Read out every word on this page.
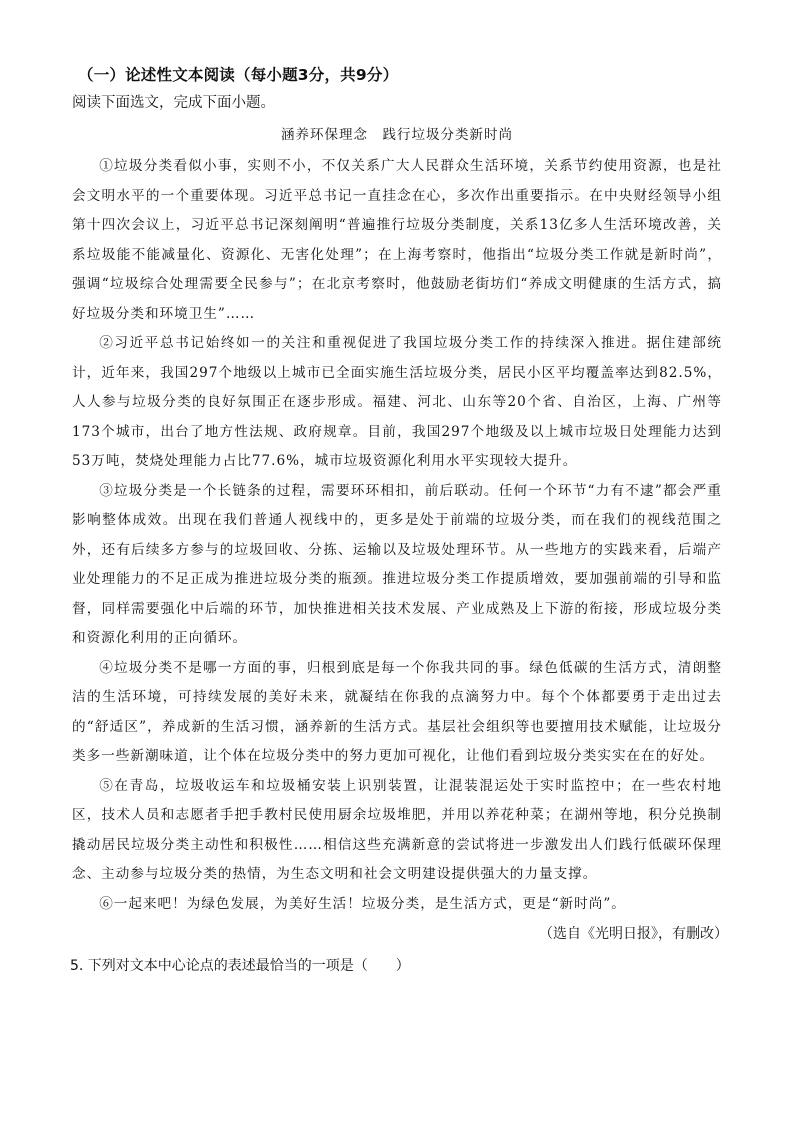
（一）论述性文本阅读（每小题3分，共9分）
阅读下面选文，完成下面小题。
涵养环保理念　践行垃圾分类新时尚

①垃圾分类看似小事，实则不小，不仅关系广大人民群众生活环境，关系节约使用资源，也是社会文明水平的一个重要体现。习近平总书记一直挂念在心，多次作出重要指示。在中央财经领导小组第十四次会议上，习近平总书记深刻阐明“普遍推行垃圾分类制度，关系13亿多人生活环境改善，关系垃圾能不能减量化、资源化、无害化处理”；在上海考察时，他指出“垃圾分类工作就是新时尚”，强调“垃圾综合处理需要全民参与”；在北京考察时，他鼓励老街坊们“养成文明健康的生活方式，搞好垃圾分类和环境卫生”……

②习近平总书记始终如一的关注和重视促进了我国垃圾分类工作的持续深入推进。据住建部统计，近年来，我国297个地级以上城市已全面实施生活垃圾分类，居民小区平均覆盖率达到82.5%，人人参与垃圾分类的良好氛围正在逐步形成。福建、河北、山东等20个省、自治区，上海、广州等173个城市，出台了地方性法规、政府规章。目前，我国297个地级及以上城市垃圾日处理能力达到53万吨，焚烧处理能力占比77.6%，城市垃圾资源化利用水平实现较大提升。

③垃圾分类是一个长链条的过程，需要环环相扣，前后联动。任何一个环节“力有不逮”都会严重影响整体成效。出现在我们普通人视线中的，更多是处于前端的垃圾分类，而在我们的视线范围之外，还有后续多方参与的垃圾回收、分拣、运输以及垃圾处理环节。从一些地方的实践来看，后端产业处理能力的不足正成为推进垃圾分类的瓶颈。推进垃圾分类工作提质增效，要加强前端的引导和监督，同样需要强化中后端的环节，加快推进相关技术发展、产业成熟及上下游的衔接，形成垃圾分类和资源化利用的正向循环。

④垃圾分类不是哪一方面的事，归根到底是每一个你我共同的事。绿色低碳的生活方式，清朗整洁的生活环境，可持续发展的美好未来，就凝结在你我的点滴努力中。每个个体都要勇于走出过去的“舒适区”，养成新的生活习惯，涵养新的生活方式。基层社会组织等也要擅用技术赋能，让垃圾分类多一些新潮味道，让个体在垃圾分类中的努力更加可视化，让他们看到垃圾分类实实在在的好处。

⑤在青岛，垃圾收运车和垃圾桶安装上识别装置，让混装混运处于实时监控中；在一些农村地区，技术人员和志愿者手把手教村民使用厨余垃圾堆肥，并用以养花种菜；在湖州等地，积分兑换制撬动居民垃圾分类主动性和积极性……相信这些充满新意的尝试将进一步激发出人们践行低碳环保理念、主动参与垃圾分类的热情，为生态文明和社会文明建设提供强大的力量支撑。

⑥一起来吧！为绿色发展，为美好生活！垃圾分类，是生活方式，更是“新时尚”。

（选自《光明日报》，有删改）
5. 下列对文本中心论点的表述最恰当的一项是（　　）
